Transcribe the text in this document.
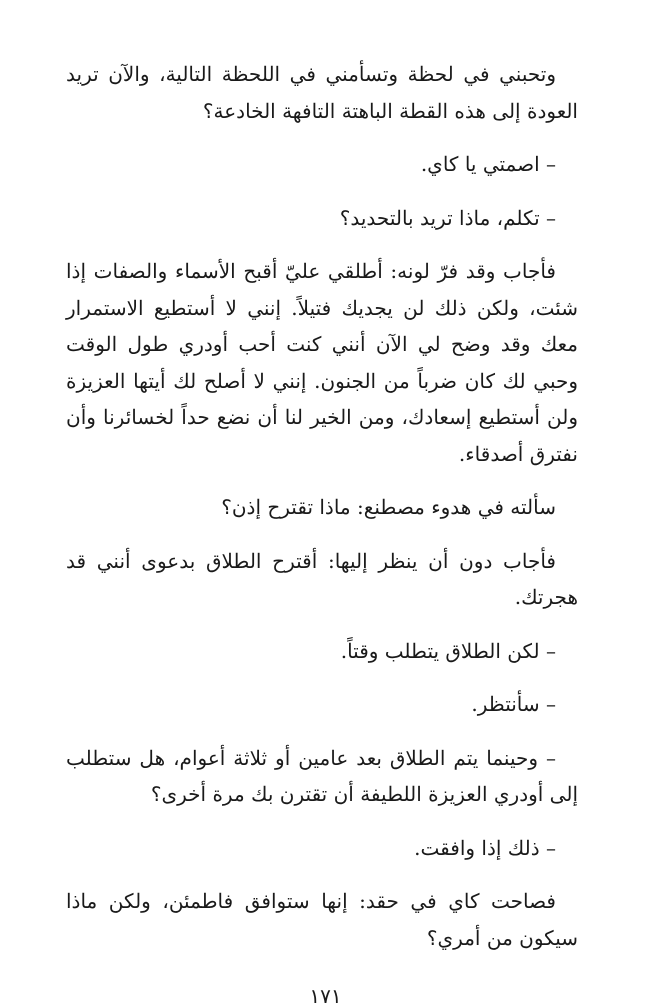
وتحبني في لحظة وتسأمني في اللحظة التالية، والآن تريد العودة إلى هذه القطة الباهتة التافهة الخادعة؟

– اصمتي يا كاي.

– تكلم، ماذا تريد بالتحديد؟

فأجاب وقد فرّ لونه: أطلقي عليّ أقبح الأسماء والصفات إذا شئت، ولكن ذلك لن يجديك فتيلاً. إنني لا أستطيع الاستمرار معك وقد وضح لي الآن أنني كنت أحب أودري طول الوقت وحبي لك كان ضرباً من الجنون. إنني لا أصلح لك أيتها العزيزة ولن أستطيع إسعادك، ومن الخير لنا أن نضع حداً لخسائرنا وأن نفترق أصدقاء.

سألته في هدوء مصطنع: ماذا تقترح إذن؟

فأجاب دون أن ينظر إليها: أقترح الطلاق بدعوى أنني قد هجرتك.

– لكن الطلاق يتطلب وقتاً.

– سأنتظر.

– وحينما يتم الطلاق بعد عامين أو ثلاثة أعوام، هل ستطلب إلى أودري العزيزة اللطيفة أن تقترن بك مرة أخرى؟

– ذلك إذا وافقت.

فصاحت كاي في حقد: إنها ستوافق فاطمئن، ولكن ماذا سيكون من أمري؟

١٧١
